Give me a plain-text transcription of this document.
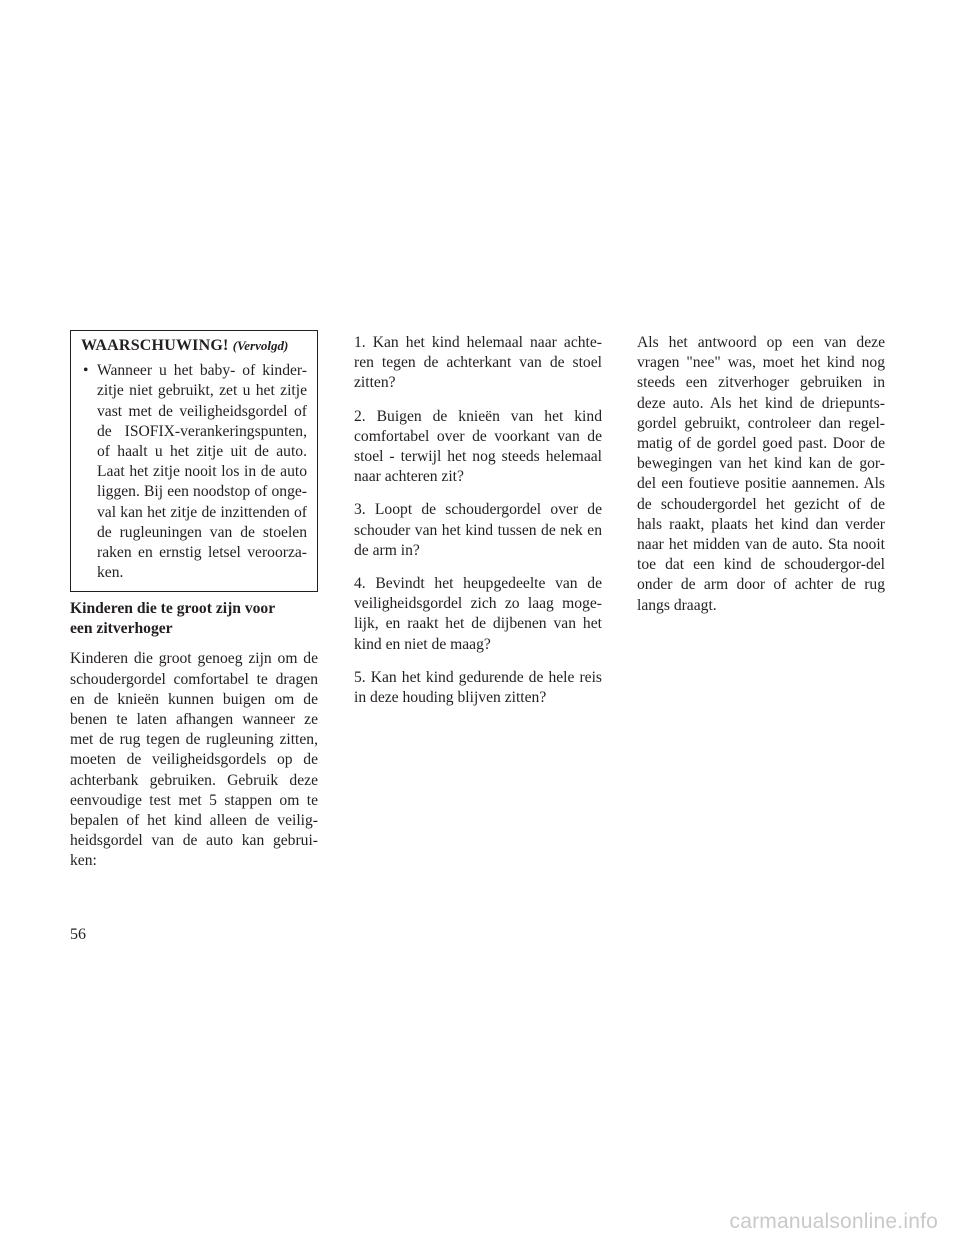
WAARSCHUWING! (Vervolgd)
• Wanneer u het baby- of kinder-zitje niet gebruikt, zet u het zitje vast met de veiligheidsgordel of de ISOFIX-verankeringspunten, of haalt u het zitje uit de auto. Laat het zitje nooit los in de auto liggen. Bij een noodstop of onge-val kan het zitje de inzittenden of de rugleuningen van de stoelen raken en ernstig letsel veroorza-ken.
Kinderen die te groot zijn voor
een zitverhoger

Kinderen die groot genoeg zijn om de schoudergordel comfortabel te dragen en de knieën kunnen buigen om de benen te laten afhangen wanneer ze met de rug tegen de rugleuning zitten, moeten de veiligheidsgordels op de achterbank gebruiken. Gebruik deze eenvoudige test met 5 stappen om te bepalen of het kind alleen de veilig-heidsgordel van de auto kan gebrui-ken:

1. Kan het kind helemaal naar achte-ren tegen de achterkant van de stoel zitten?

2. Buigen de knieën van het kind comfortabel over de voorkant van de stoel - terwijl het nog steeds helemaal naar achteren zit?

3. Loopt de schoudergordel over de schouder van het kind tussen de nek en de arm in?

4. Bevindt het heupgedeelte van de veiligheidsgordel zich zo laag moge-lijk, en raakt het de dijbenen van het kind en niet de maag?

5. Kan het kind gedurende de hele reis in deze houding blijven zitten?

Als het antwoord op een van deze vragen "nee" was, moet het kind nog steeds een zitverhoger gebruiken in deze auto. Als het kind de driepunts-gordel gebruikt, controleer dan regel-matig of de gordel goed past. Door de bewegingen van het kind kan de gor-del een foutieve positie aannemen. Als de schoudergordel het gezicht of de hals raakt, plaats het kind dan verder naar het midden van de auto. Sta nooit toe dat een kind de schoudergor-del onder de arm door of achter de rug langs draagt.

56
carmanualsonline.info
